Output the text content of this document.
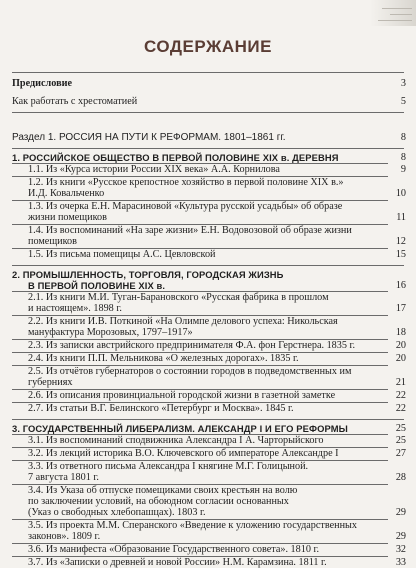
СОДЕРЖАНИЕ
Предисловие	3
Как работать с хрестоматией	5
Раздел 1. РОССИЯ НА ПУТИ К РЕФОРМАМ. 1801–1861 гг.	8
1. РОССИЙСКОЕ ОБЩЕСТВО В ПЕРВОЙ ПОЛОВИНЕ XIX в. ДЕРЕВНЯ	8
1.1. Из «Курса истории России XIX века» А.А. Корнилова	9
1.2. Из книги «Русское крепостное хозяйство в первой половине XIX в.»
И.Д. Ковальченко	10
1.3. Из очерка Е.Н. Марасиновой «Культура русской усадьбы» об образе
жизни помещиков	11
1.4. Из воспоминаний «На заре жизни» Е.Н. Водовозовой об образе жизни
помещиков	12
1.5. Из письма помещицы А.С. Цевловской	15
2. ПРОМЫШЛЕННОСТЬ, ТОРГОВЛЯ, ГОРОДСКАЯ ЖИЗНЬ
В ПЕРВОЙ ПОЛОВИНЕ XIX в.	16
2.1. Из книги М.И. Туган-Барановского «Русская фабрика в прошлом
и настоящем». 1898 г.	17
2.2. Из книги И.В. Поткиной «На Олимпе делового успеха: Никольская
мануфактура Морозовых, 1797–1917»	18
2.3. Из записки австрийского предпринимателя Ф.А. фон Герстнера. 1835 г.	20
2.4. Из книги П.П. Мельникова «О железных дорогах». 1835 г.	20
2.5. Из отчётов губернаторов о состоянии городов в подведомственных им
губерниях	21
2.6. Из описания провинциальной городской жизни в газетной заметке	22
2.7. Из статьи В.Г. Белинского «Петербург и Москва». 1845 г.	22
3. ГОСУДАРСТВЕННЫЙ ЛИБЕРАЛИЗМ. АЛЕКСАНДР I И ЕГО РЕФОРМЫ	25
3.1. Из воспоминаний сподвижника Александра I А. Чарторыйского	25
3.2. Из лекций историка В.О. Ключевского об императоре Александре I	27
3.3. Из ответного письма Александра I княгине М.Г. Голицыной.
7 августа 1801 г.	28
3.4. Из Указа об отпуске помещиками своих крестьян на волю
по заключении условий, на обоюдном согласии основанных
(Указ о свободных хлебопашцах). 1803 г.	29
3.5. Из проекта М.М. Сперанского «Введение к уложению государственных
законов». 1809 г.	29
3.6. Из манифеста «Образование Государственного совета». 1810 г.	32
3.7. Из «Записки о древней и новой России» Н.М. Карамзина. 1811 г.	33
